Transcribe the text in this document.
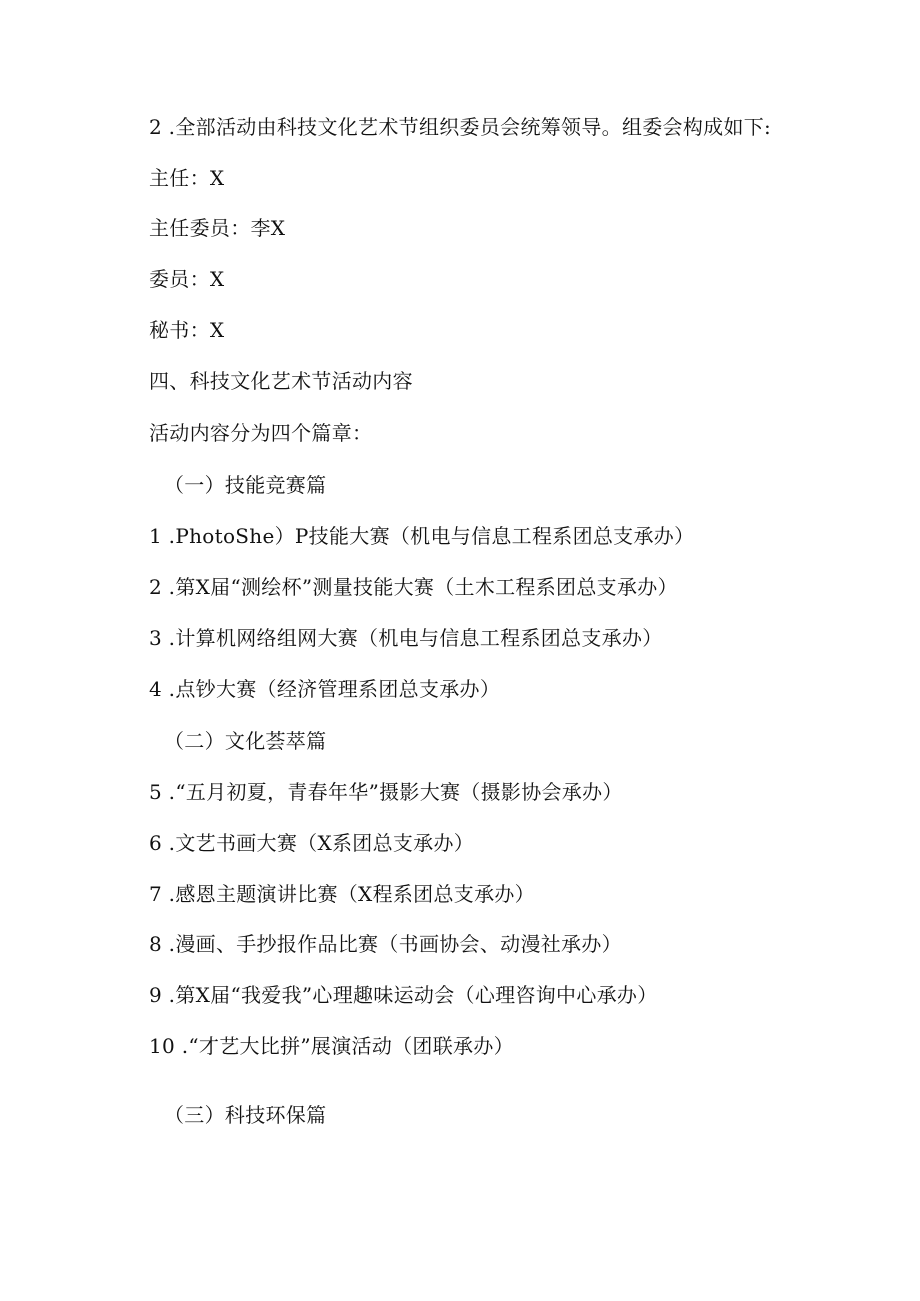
2 .全部活动由科技文化艺术节组织委员会统筹领导。组委会构成如下:
主任：X
主任委员：李X
委员：X
秘书：X
四、科技文化艺术节活动内容
活动内容分为四个篇章：
（一）技能竞赛篇
1 .PhotoShe）P技能大赛（机电与信息工程系团总支承办）
2 .第X届“测绘杯”测量技能大赛（土木工程系团总支承办）
3 .计算机网络组网大赛（机电与信息工程系团总支承办）
4 .点钞大赛（经济管理系团总支承办）
（二）文化荟萃篇
5 .“五月初夏，青春年华”摄影大赛（摄影协会承办）
6 .文艺书画大赛（X系团总支承办）
7 .感恩主题演讲比赛（X程系团总支承办）
8 .漫画、手抄报作品比赛（书画协会、动漫社承办）
9 .第X届“我爱我”心理趣味运动会（心理咨询中心承办）
10 .“才艺大比拼”展演活动（团联承办）
（三）科技环保篇
